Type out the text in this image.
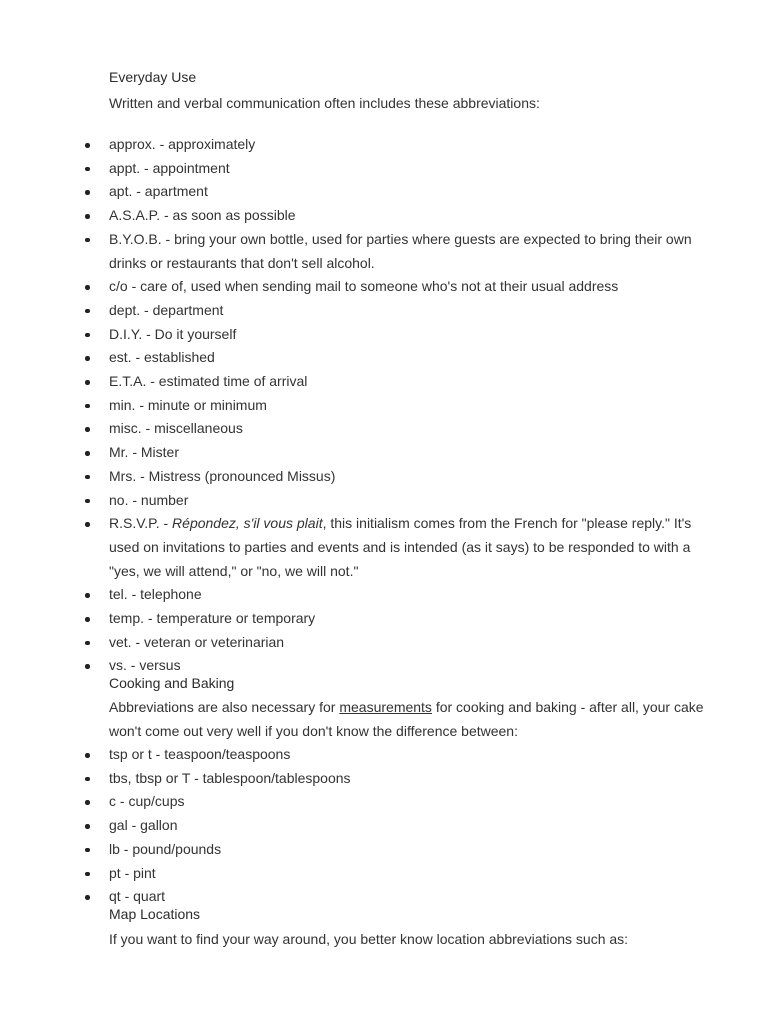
Everyday Use

Written and verbal communication often includes these abbreviations:

approx. - approximately
appt. - appointment
apt. - apartment
A.S.A.P. - as soon as possible
B.Y.O.B. - bring your own bottle, used for parties where guests are expected to bring their own drinks or restaurants that don't sell alcohol.
c/o - care of, used when sending mail to someone who's not at their usual address
dept. - department
D.I.Y. - Do it yourself
est. - established
E.T.A. - estimated time of arrival
min. - minute or minimum
misc. - miscellaneous
Mr. - Mister
Mrs. - Mistress (pronounced Missus)
no. - number
R.S.V.P. - Répondez, s'il vous plait, this initialism comes from the French for "please reply." It's used on invitations to parties and events and is intended (as it says) to be responded to with a "yes, we will attend," or "no, we will not."
tel. - telephone
temp. - temperature or temporary
vet. - veteran or veterinarian
vs. - versus
Cooking and Baking

Abbreviations are also necessary for measurements for cooking and baking - after all, your cake won't come out very well if you don't know the difference between:

tsp or t - teaspoon/teaspoons
tbs, tbsp or T - tablespoon/tablespoons
c - cup/cups
gal - gallon
lb - pound/pounds
pt - pint
qt - quart
Map Locations

If you want to find your way around, you better know location abbreviations such as:
